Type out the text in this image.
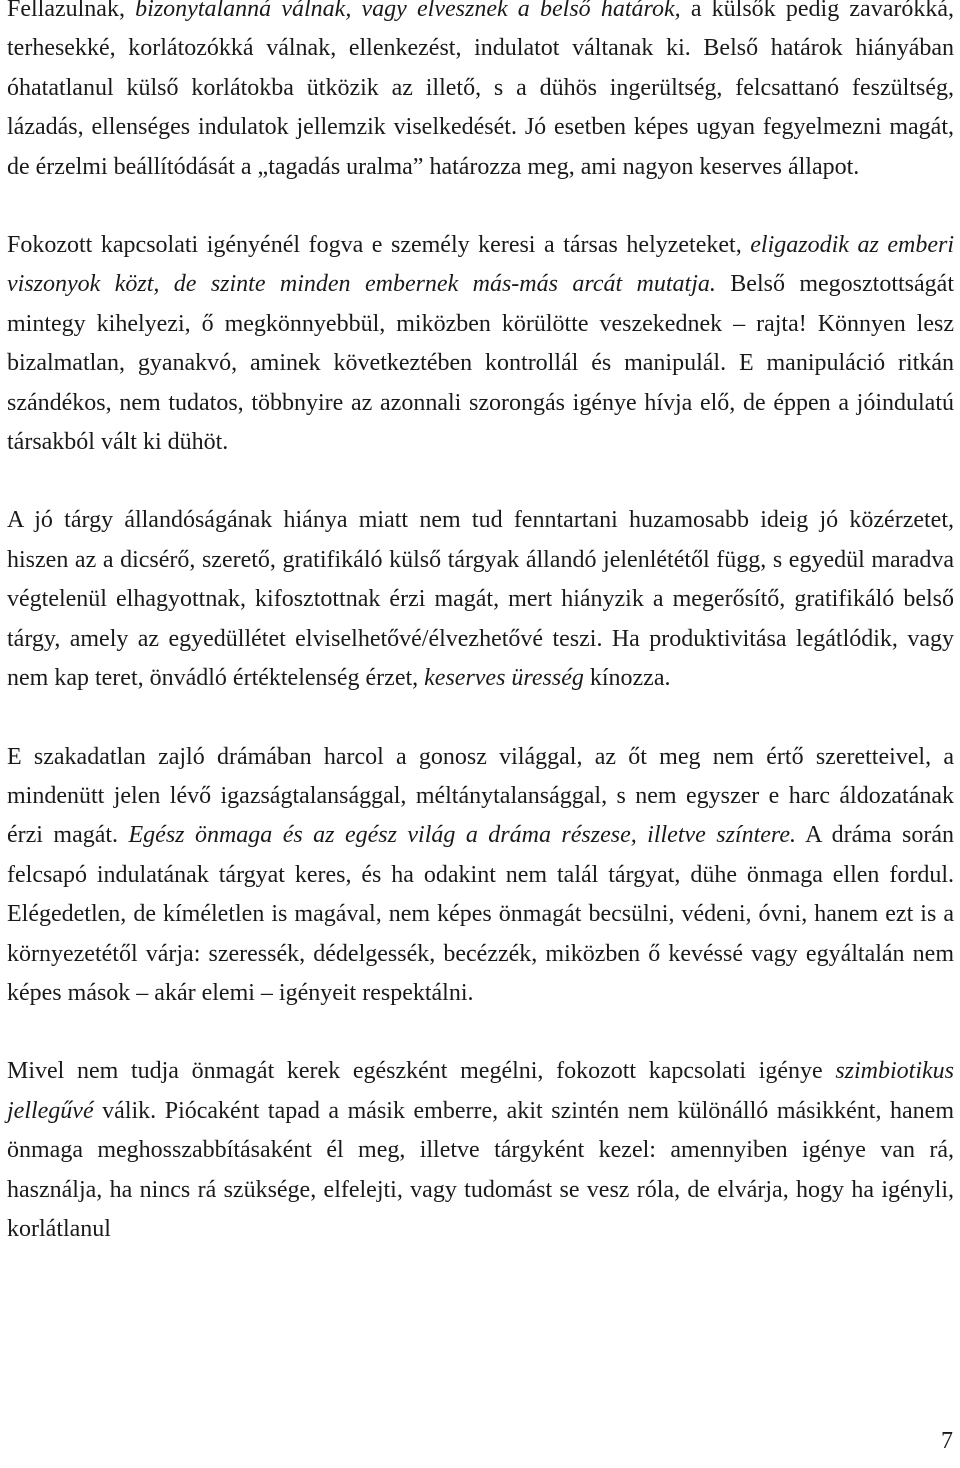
Fellazulnak, bizonytalanná válnak, vagy elvesznek a belső határok, a külsők pedig zavarókká, terhesekké, korlátozókká válnak, ellenkezést, indulatot váltanak ki. Belső határok hiányában óhatatlanul külső korlátokba ütközik az illető, s a dühös ingerültség, felcsattanó feszültség, lázadás, ellenséges indulatok jellemzik viselkedését. Jó esetben képes ugyan fegyelmezni magát, de érzelmi beállítódását a „tagadás uralma” határozza meg, ami nagyon keserves állapot.

Fokozott kapcsolati igényénél fogva e személy keresi a társas helyzeteket, eligazodik az emberi viszonyok közt, de szinte minden embernek más-más arcát mutatja. Belső megosztottságát mintegy kihelyezi, ő megkönnyebbül, miközben körülötte veszekednek – rajta! Könnyen lesz bizalmatlan, gyanakvó, aminek következtében kontrollál és manipulál. E manipuláció ritkán szándékos, nem tudatos, többnyire az azonnali szorongás igénye hívja elő, de éppen a jóindulatú társakból vált ki dühöt.

A jó tárgy állandóságának hiánya miatt nem tud fenntartani huzamosabb ideig jó közérzetet, hiszen az a dicsérő, szerető, gratifikáló külső tárgyak állandó jelenlététől függ, s egyedül maradva végtelenül elhagyottnak, kifosztottnak érzi magát, mert hiányzik a megerősítő, gratifikáló belső tárgy, amely az egyedüllétet elviselhetővé/élvezhetővé teszi. Ha produktivitása legátlódik, vagy nem kap teret, önvádló értéktelenség érzet, keserves üresség kínozza.

E szakadatlan zajló drámában harcol a gonosz világgal, az őt meg nem értő szeretteivel, a mindenütt jelen lévő igazságtalansággal, méltánytalansággal, s nem egyszer e harc áldozatának érzi magát. Egész önmaga és az egész világ a dráma részese, illetve színtere. A dráma során felcsapó indulatának tárgyat keres, és ha odakint nem talál tárgyat, dühe önmaga ellen fordul. Elégedetlen, de kíméletlen is magával, nem képes önmagát becsülni, védeni, óvni, hanem ezt is a környezetétől várja: szeressék, dédelgessék, becézzék, miközben ő kevéssé vagy egyáltalán nem képes mások – akár elemi – igényeit respektálni.

Mivel nem tudja önmagát kerek egészként megélni, fokozott kapcsolati igénye szimbiotikus jellegűvé válik. Piócaként tapad a másik emberre, akit szintén nem különálló másikként, hanem önmaga meghosszabbításaként él meg, illetve tárgyként kezel: amennyiben igénye van rá, használja, ha nincs rá szüksége, elfelejti, vagy tudomást se vesz róla, de elvárja, hogy ha igényli, korlátlanul

7
